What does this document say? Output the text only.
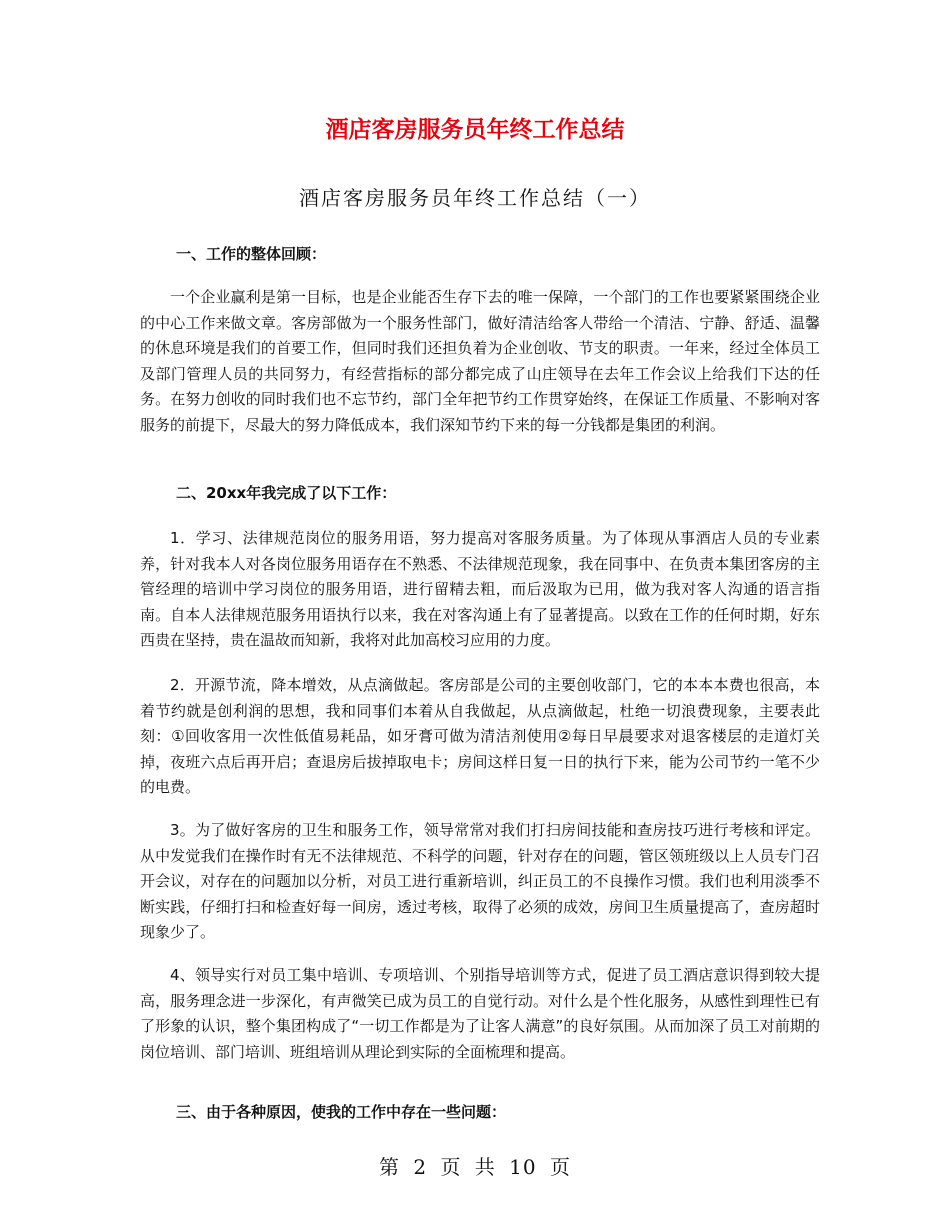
酒店客房服务员年终工作总结
酒店客房服务员年终工作总结（一）
一、工作的整体回顾：
一个企业赢利是第一目标，也是企业能否生存下去的唯一保障，一个部门的工作也要紧紧围绕企业的中心工作来做文章。客房部做为一个服务性部门，做好清洁给客人带给一个清洁、宁静、舒适、温馨的休息环境是我们的首要工作，但同时我们还担负着为企业创收、节支的职责。一年来，经过全体员工及部门管理人员的共同努力，有经营指标的部分都完成了山庄领导在去年工作会议上给我们下达的任务。在努力创收的同时我们也不忘节约，部门全年把节约工作贯穿始终，在保证工作质量、不影响对客服务的前提下，尽最大的努力降低成本，我们深知节约下来的每一分钱都是集团的利润。
二、20xx年我完成了以下工作：
1．学习、法律规范岗位的服务用语，努力提高对客服务质量。为了体现从事酒店人员的专业素养，针对我本人对各岗位服务用语存在不熟悉、不法律规范现象，我在同事中、在负责本集团客房的主管经理的培训中学习岗位的服务用语，进行留精去粗，而后汲取为已用，做为我对客人沟通的语言指南。自本人法律规范服务用语执行以来，我在对客沟通上有了显著提高。以致在工作的任何时期，好东西贵在坚持，贵在温故而知新，我将对此加高校习应用的力度。
2．开源节流，降本增效，从点滴做起。客房部是公司的主要创收部门，它的本本本费也很高，本着节约就是创利润的思想，我和同事们本着从自我做起，从点滴做起，杜绝一切浪费现象，主要表此刻：①回收客用一次性低值易耗品，如牙膏可做为清洁剂使用②每日早晨要求对退客楼层的走道灯关掉，夜班六点后再开启；查退房后拔掉取电卡；房间这样日复一日的执行下来，能为公司节约一笔不少的电费。
3。为了做好客房的卫生和服务工作，领导常常对我们打扫房间技能和查房技巧进行考核和评定。从中发觉我们在操作时有无不法律规范、不科学的问题，针对存在的问题，管区领班级以上人员专门召开会议，对存在的问题加以分析，对员工进行重新培训，纠正员工的不良操作习惯。我们也利用淡季不断实践，仔细打扫和检查好每一间房，透过考核，取得了必须的成效，房间卫生质量提高了，查房超时现象少了。
4、领导实行对员工集中培训、专项培训、个别指导培训等方式，促进了员工酒店意识得到较大提高，服务理念进一步深化，有声微笑已成为员工的自觉行动。对什么是个性化服务，从感性到理性已有了形象的认识，整个集团构成了“一切工作都是为了让客人满意”的良好氛围。从而加深了员工对前期的岗位培训、部门培训、班组培训从理论到实际的全面梳理和提高。
三、由于各种原因，使我的工作中存在一些问题：
第 2 页 共 10 页
